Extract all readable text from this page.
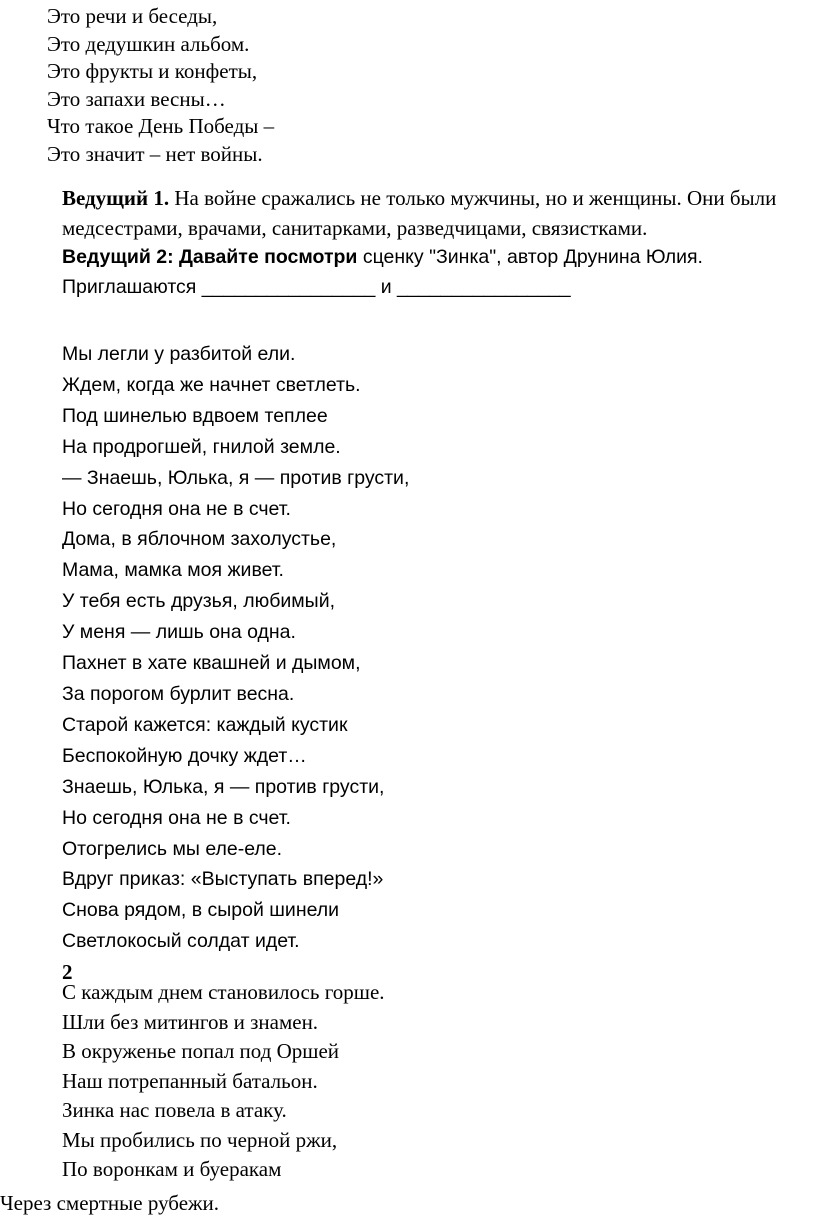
Это речи и беседы,
Это дедушкин альбом.
Это фрукты и конфеты,
Это запахи весны…
Что такое День Победы –
Это значит – нет войны.

Ведущий 1. На войне сражались не только мужчины, но и женщины. Они были медсестрами, врачами, санитарками, разведчицами, связистками.

Ведущий 2: Давайте посмотри сценку "Зинка", автор Друнина Юлия.

Приглашаются ________________ и ________________

Мы легли у разбитой ели.
Ждем, когда же начнет светлеть.
Под шинелью вдвоем теплее
На продрогшей, гнилой земле.
— Знаешь, Юлька, я — против грусти,
Но сегодня она не в счет.
Дома, в яблочном захолустье,
Мама, мамка моя живет.
У тебя есть друзья, любимый,
У меня — лишь она одна.
Пахнет в хате квашней и дымом,
За порогом бурлит весна.
Старой кажется: каждый кустик
Беспокойную дочку ждет…
Знаешь, Юлька, я — против грусти,
Но сегодня она не в счет.
Отогрелись мы еле-еле.
Вдруг приказ: «Выступать вперед!»
Снова рядом, в сырой шинели
Светлокосый солдат идет.
2
С каждым днем становилось горше.
Шли без митингов и знамен.
В окруженье попал под Оршей
Наш потрепанный батальон.
Зинка нас повела в атаку.
Мы пробились по черной ржи,
По воронкам и буеракам
Через смертные рубежи.
